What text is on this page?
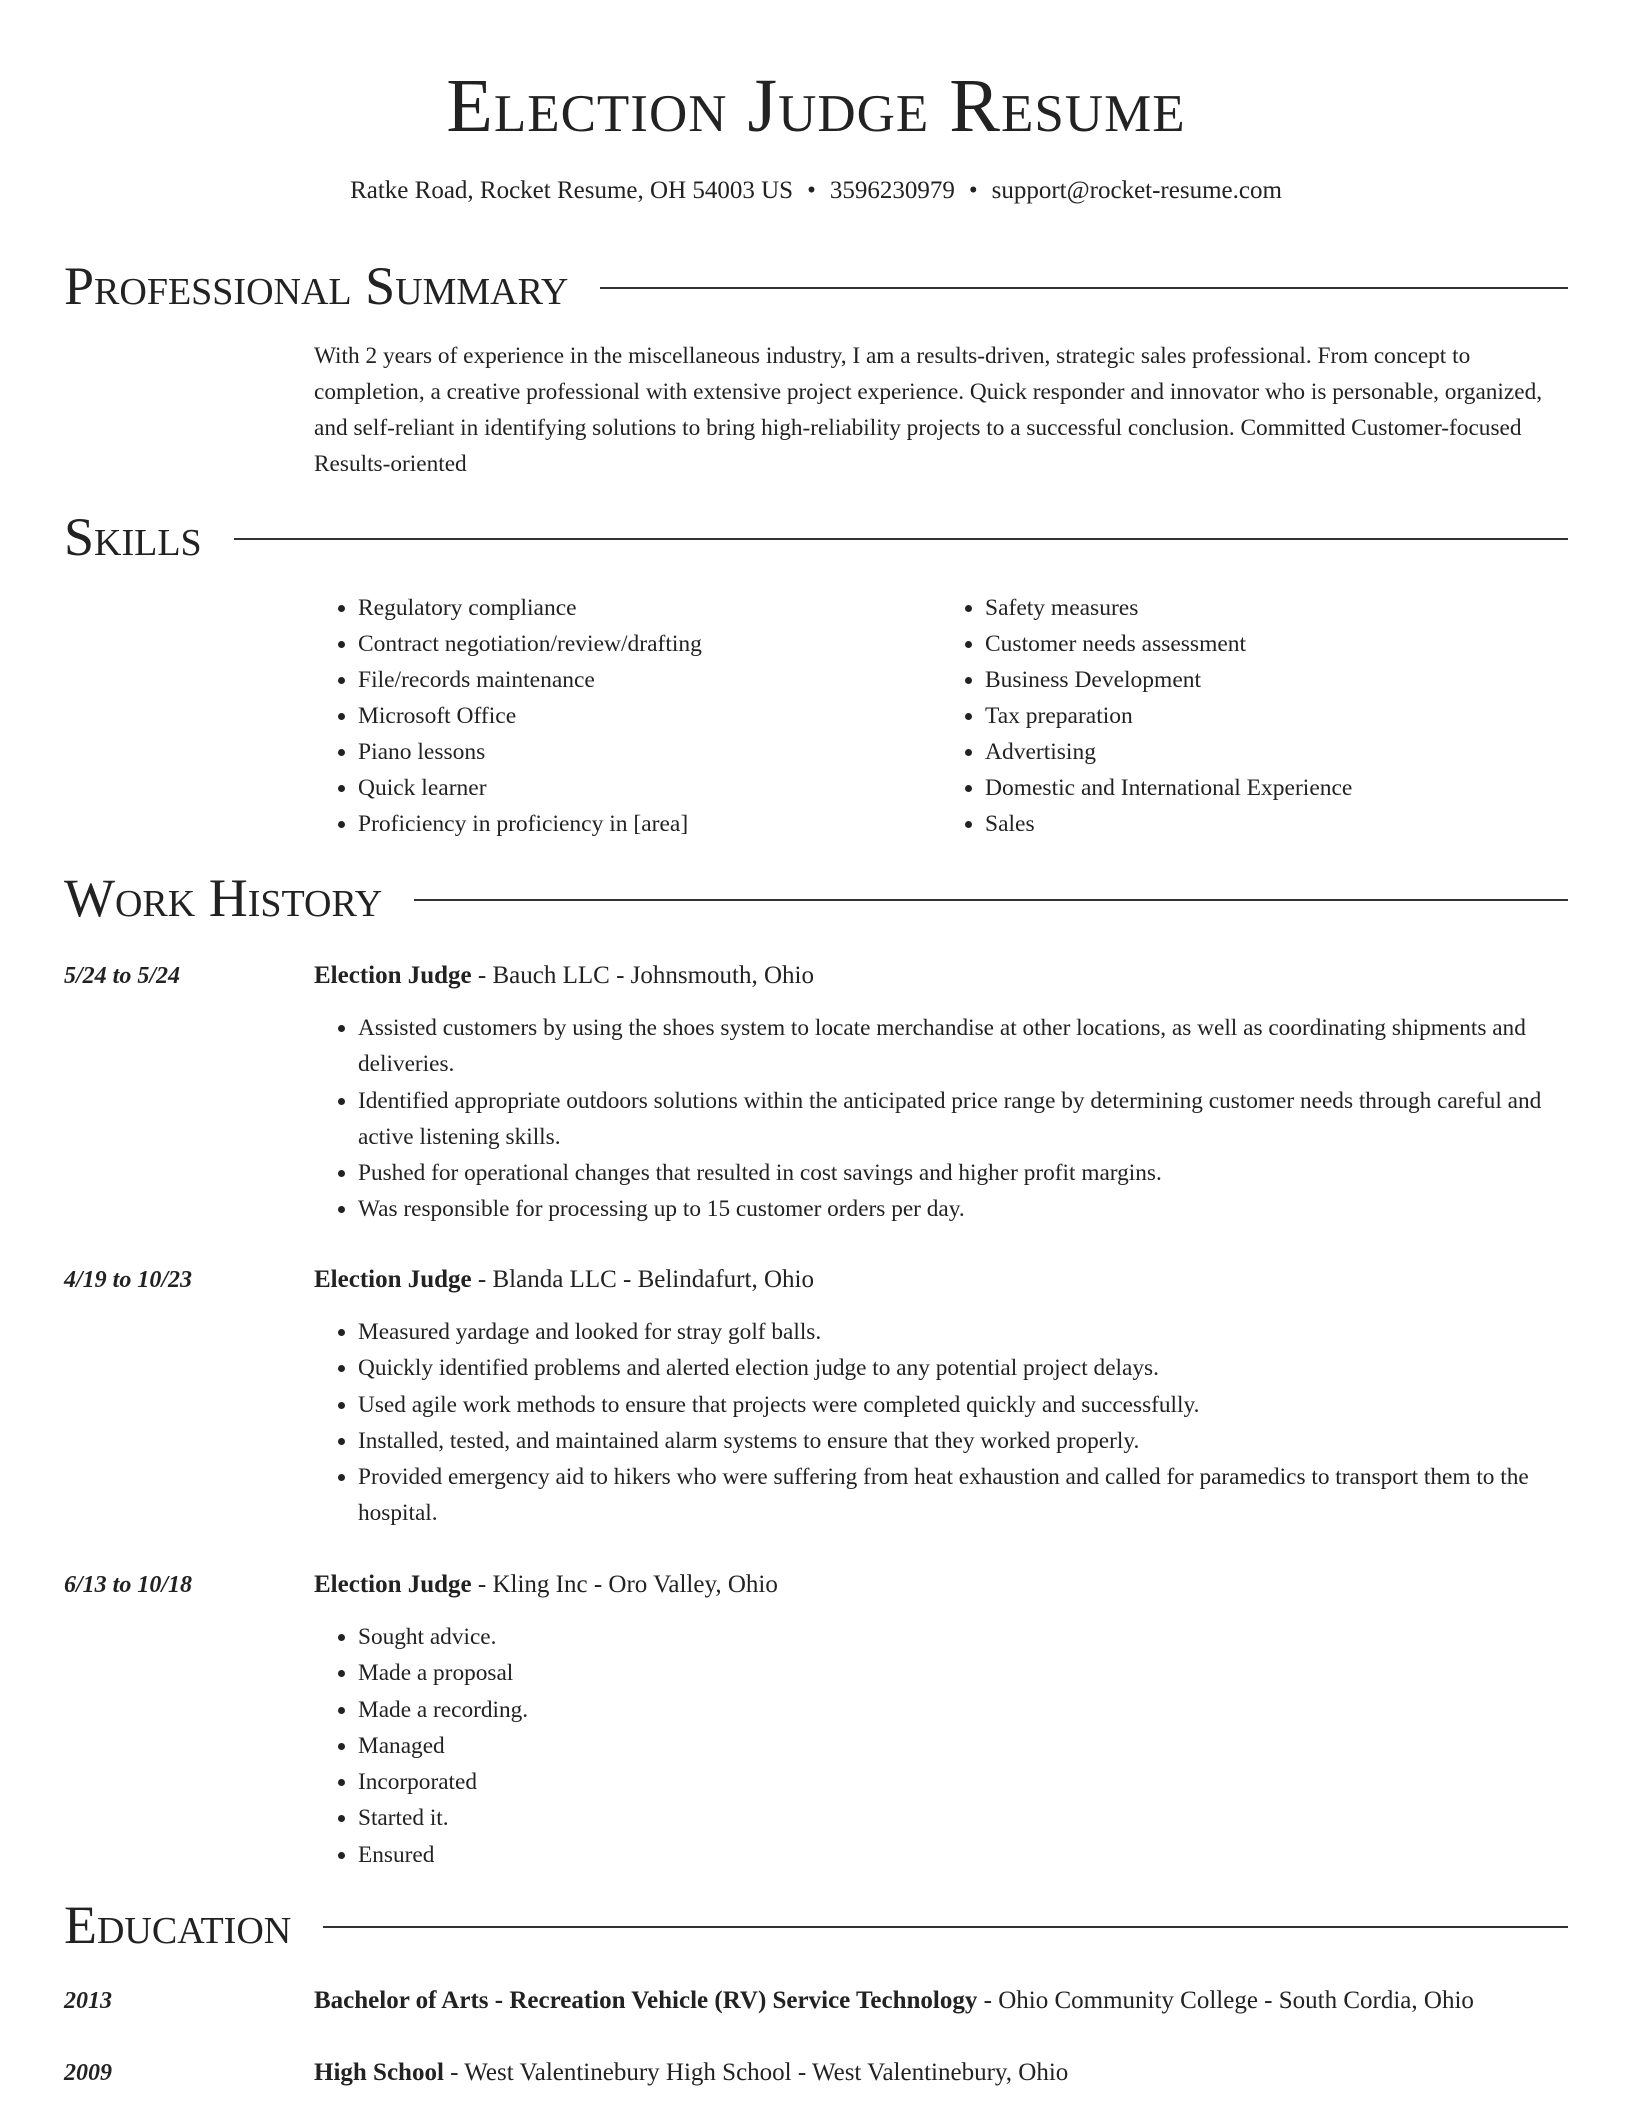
Election Judge Resume
Ratke Road, Rocket Resume, OH 54003 US • 3596230979 • support@rocket-resume.com
Professional Summary
With 2 years of experience in the miscellaneous industry, I am a results-driven, strategic sales professional. From concept to completion, a creative professional with extensive project experience. Quick responder and innovator who is personable, organized, and self-reliant in identifying solutions to bring high-reliability projects to a successful conclusion. Committed Customer-focused Results-oriented
Skills
• Regulatory compliance
• Contract negotiation/review/drafting
• File/records maintenance
• Microsoft Office
• Piano lessons
• Quick learner
• Proficiency in proficiency in [area]
• Safety measures
• Customer needs assessment
• Business Development
• Tax preparation
• Advertising
• Domestic and International Experience
• Sales
Work History
5/24 to 5/24	Election Judge - Bauch LLC - Johnsmouth, Ohio
• Assisted customers by using the shoes system to locate merchandise at other locations, as well as coordinating shipments and deliveries.
• Identified appropriate outdoors solutions within the anticipated price range by determining customer needs through careful and active listening skills.
• Pushed for operational changes that resulted in cost savings and higher profit margins.
• Was responsible for processing up to 15 customer orders per day.
4/19 to 10/23	Election Judge - Blanda LLC - Belindafurt, Ohio
• Measured yardage and looked for stray golf balls.
• Quickly identified problems and alerted election judge to any potential project delays.
• Used agile work methods to ensure that projects were completed quickly and successfully.
• Installed, tested, and maintained alarm systems to ensure that they worked properly.
• Provided emergency aid to hikers who were suffering from heat exhaustion and called for paramedics to transport them to the hospital.
6/13 to 10/18	Election Judge - Kling Inc - Oro Valley, Ohio
• Sought advice.
• Made a proposal
• Made a recording.
• Managed
• Incorporated
• Started it.
• Ensured
Education
2013	Bachelor of Arts - Recreation Vehicle (RV) Service Technology - Ohio Community College - South Cordia, Ohio
2009	High School - West Valentinebury High School - West Valentinebury, Ohio
